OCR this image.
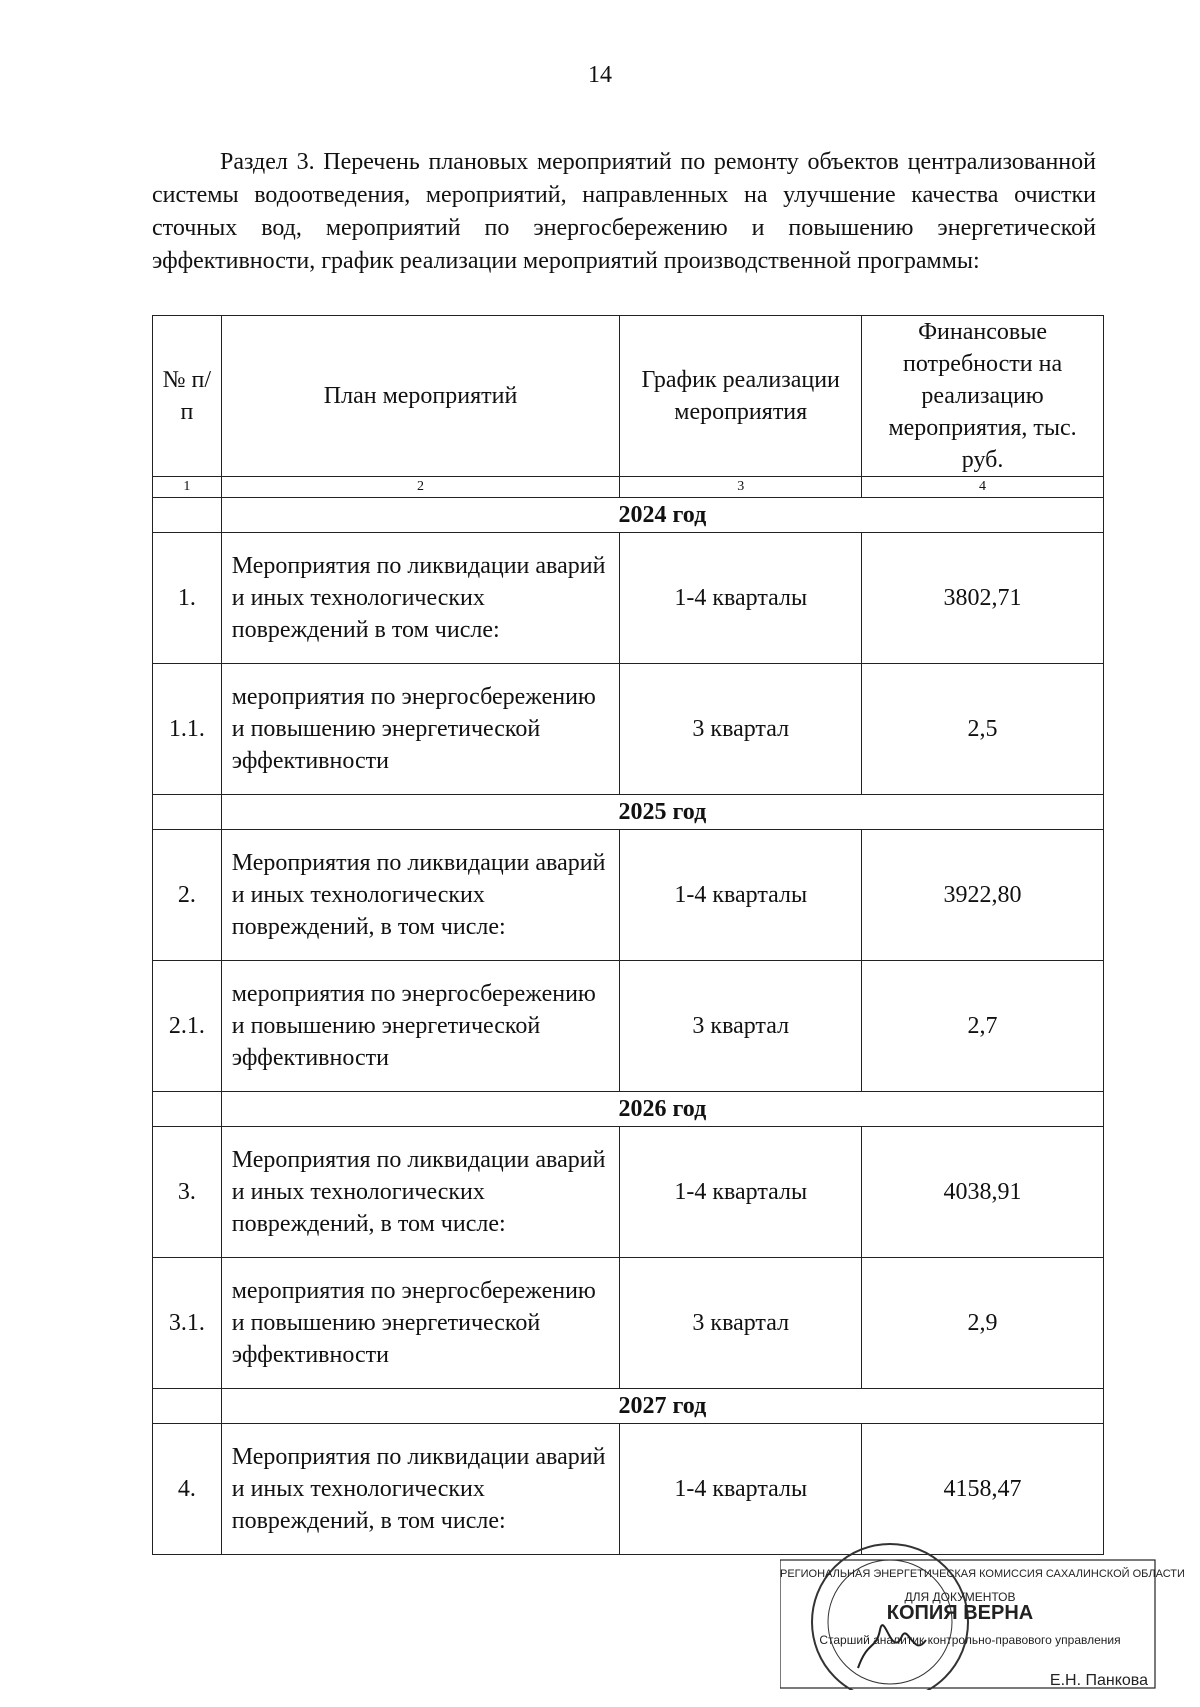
14

Раздел 3. Перечень плановых мероприятий по ремонту объектов централизованной системы водоотведения, мероприятий, направленных на улучшение качества очистки сточных вод, мероприятий по энергосбережению и повышению энергетической эффективности, график реализации мероприятий производственной программы:

№ п/п	План мероприятий	График реализации мероприятия	Финансовые потребности на реализацию мероприятия, тыс. руб.
1	2	3	4
	2024 год		
1.	Мероприятия по ликвидации аварий и иных технологических повреждений в том числе:	1-4 кварталы	3802,71
1.1.	мероприятия по энергосбережению и повышению энергетической эффективности	3 квартал	2,5
	2025 год		
2.	Мероприятия по ликвидации аварий и иных технологических повреждений, в том числе:	1-4 кварталы	3922,80
2.1.	мероприятия по энергосбережению и повышению энергетической эффективности	3 квартал	2,7
	2026 год		
3.	Мероприятия по ликвидации аварий и иных технологических повреждений, в том числе:	1-4 кварталы	4038,91
3.1.	мероприятия по энергосбережению и повышению энергетической эффективности	3 квартал	2,9
	2027 год		
4.	Мероприятия по ликвидации аварий и иных технологических повреждений, в том числе:	1-4 кварталы	4158,47
РЕГИОНАЛЬНАЯ ЭНЕРГЕТИЧЕСКАЯ КОМИССИЯ САХАЛИНСКОЙ ОБЛАСТИ
ДЛЯ ДОКУМЕНТОВ
КОПИЯ ВЕРНА
Старший аналитик контрольно-правового управления
Е.Н. Панкова
